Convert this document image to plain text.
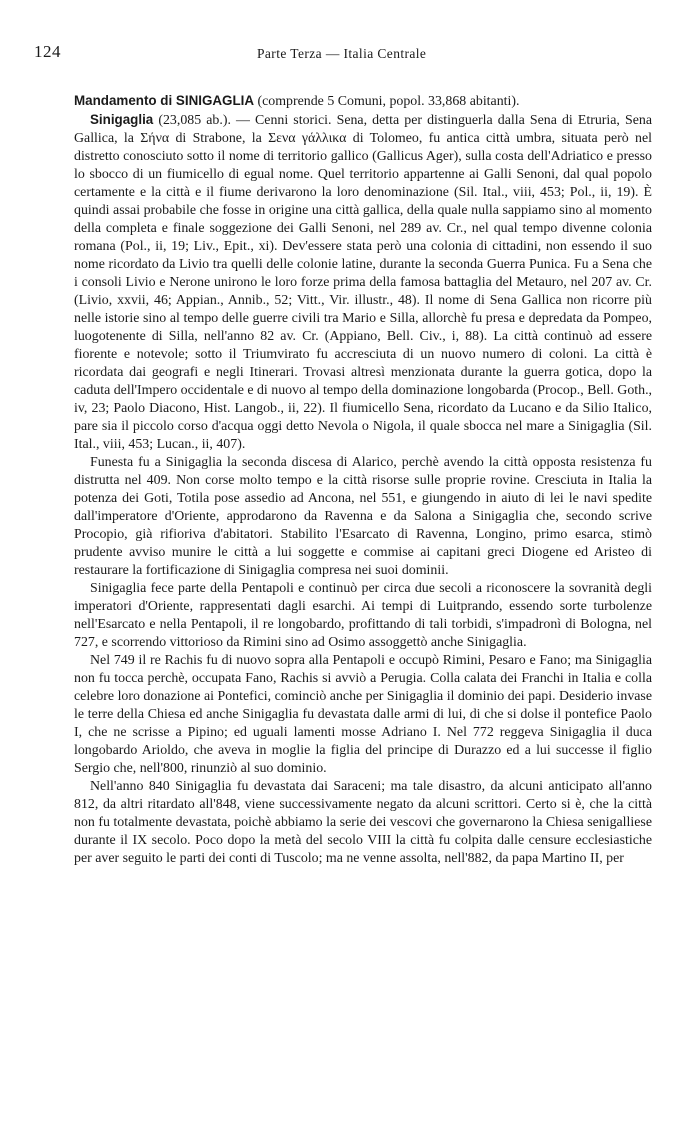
124	Parte Terza — Italia Centrale

Mandamento di SINIGAGLIA (comprende 5 Comuni, popol. 33,868 abitanti).

Sinigaglia (23,085 ab.). — Cenni storici. Sena, detta per distinguerla dalla Sena di Etruria, Sena Gallica, la Σήνα di Strabone, la Σενα γάλλικα di Tolomeo, fu antica città umbra, situata però nel distretto conosciuto sotto il nome di territorio gallico (Gallicus Ager), sulla costa dell'Adriatico e presso lo sbocco di un fiumicello di egual nome. Quel territorio appartenne ai Galli Senoni, dal qual popolo certamente e la città e il fiume derivarono la loro denominazione (Sil. Ital., viii, 453; Pol., ii, 19). È quindi assai probabile che fosse in origine una città gallica, della quale nulla sappiamo sino al momento della completa e finale soggezione dei Galli Senoni, nel 289 av. Cr., nel qual tempo divenne colonia romana (Pol., ii, 19; Liv., Epit., xi). Dev'essere stata però una colonia di cittadini, non essendo il suo nome ricordato da Livio tra quelli delle colonie latine, durante la seconda Guerra Punica. Fu a Sena che i consoli Livio e Nerone unirono le loro forze prima della famosa battaglia del Metauro, nel 207 av. Cr. (Livio, xxvii, 46; Appian., Annib., 52; Vitt., Vir. illustr., 48). Il nome di Sena Gallica non ricorre più nelle istorie sino al tempo delle guerre civili tra Mario e Silla, allorchè fu presa e depredata da Pompeo, luogotenente di Silla, nell'anno 82 av. Cr. (Appiano, Bell. Civ., i, 88). La città continuò ad essere fiorente e notevole; sotto il Triumvirato fu accresciuta di un nuovo numero di coloni. La città è ricordata dai geografi e negli Itinerari. Trovasi altresì menzionata durante la guerra gotica, dopo la caduta dell'Impero occidentale e di nuovo al tempo della dominazione longobarda (Procop., Bell. Goth., iv, 23; Paolo Diacono, Hist. Langob., ii, 22). Il fiumicello Sena, ricordato da Lucano e da Silio Italico, pare sia il piccolo corso d'acqua oggi detto Nevola o Nigola, il quale sbocca nel mare a Sinigaglia (Sil. Ital., viii, 453; Lucan., ii, 407).

Funesta fu a Sinigaglia la seconda discesa di Alarico, perchè avendo la città opposta resistenza fu distrutta nel 409. Non corse molto tempo e la città risorse sulle proprie rovine. Cresciuta in Italia la potenza dei Goti, Totila pose assedio ad Ancona, nel 551, e giungendo in aiuto di lei le navi spedite dall'imperatore d'Oriente, approdarono da Ravenna e da Salona a Sinigaglia che, secondo scrive Procopio, già rifioriva d'abitatori. Stabilito l'Esarcato di Ravenna, Longino, primo esarca, stimò prudente avviso munire le città a lui soggette e commise ai capitani greci Diogene ed Aristeo di restaurare la fortificazione di Sinigaglia compresa nei suoi dominii.

Sinigaglia fece parte della Pentapoli e continuò per circa due secoli a riconoscere la sovranità degli imperatori d'Oriente, rappresentati dagli esarchi. Ai tempi di Luitprando, essendo sorte turbolenze nell'Esarcato e nella Pentapoli, il re longobardo, profittando di tali torbidi, s'impadronì di Bologna, nel 727, e scorrendo vittorioso da Rimini sino ad Osimo assoggettò anche Sinigaglia.

Nel 749 il re Rachis fu di nuovo sopra alla Pentapoli e occupò Rimini, Pesaro e Fano; ma Sinigaglia non fu tocca perchè, occupata Fano, Rachis si avviò a Perugia. Colla calata dei Franchi in Italia e colla celebre loro donazione ai Pontefici, cominciò anche per Sinigaglia il dominio dei papi. Desiderio invase le terre della Chiesa ed anche Sinigaglia fu devastata dalle armi di lui, di che si dolse il pontefice Paolo I, che ne scrisse a Pipino; ed uguali lamenti mosse Adriano I. Nel 772 reggeva Sinigaglia il duca longobardo Arioldo, che aveva in moglie la figlia del principe di Durazzo ed a lui successe il figlio Sergio che, nell'800, rinunziò al suo dominio.

Nell'anno 840 Sinigaglia fu devastata dai Saraceni; ma tale disastro, da alcuni anticipato all'anno 812, da altri ritardato all'848, viene successivamente negato da alcuni scrittori. Certo si è, che la città non fu totalmente devastata, poichè abbiamo la serie dei vescovi che governarono la Chiesa senigalliese durante il IX secolo. Poco dopo la metà del secolo VIII la città fu colpita dalle censure ecclesiastiche per aver seguito le parti dei conti di Tuscolo; ma ne venne assolta, nell'882, da papa Martino II, per
